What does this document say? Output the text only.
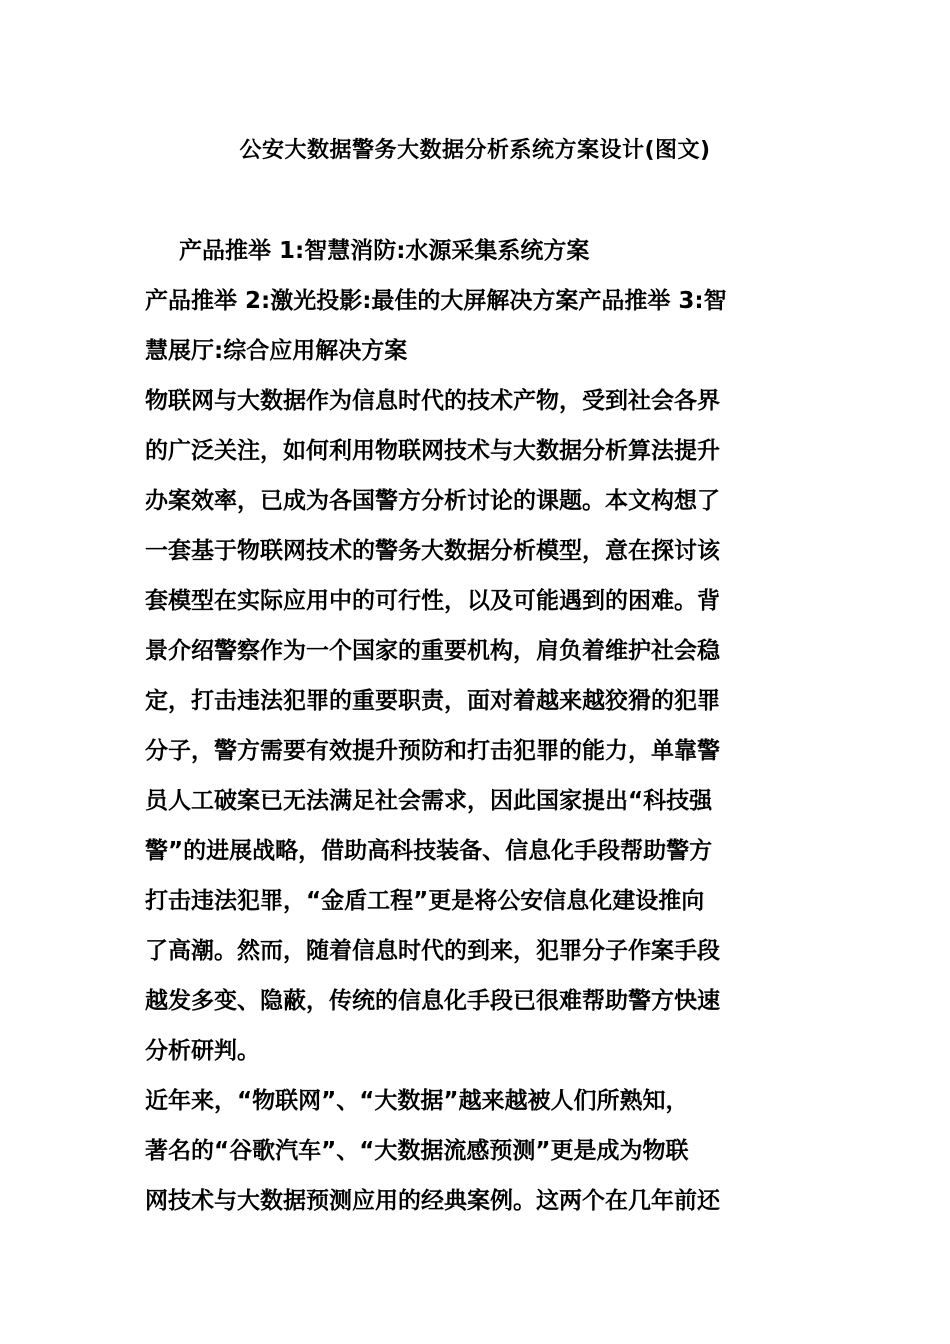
公安大数据警务大数据分析系统方案设计(图文)
产品推举 1:智慧消防:水源采集系统方案
产品推举 2:激光投影:最佳的大屏解决方案产品推举 3:智
慧展厅:综合应用解决方案
物联网与大数据作为信息时代的技术产物，受到社会各界
的广泛关注，如何利用物联网技术与大数据分析算法提升
办案效率，已成为各国警方分析讨论的课题。本文构想了
一套基于物联网技术的警务大数据分析模型，意在探讨该
套模型在实际应用中的可行性，以及可能遇到的困难。背
景介绍警察作为一个国家的重要机构，肩负着维护社会稳
定，打击违法犯罪的重要职责，面对着越来越狡猾的犯罪
分子，警方需要有效提升预防和打击犯罪的能力，单靠警
员人工破案已无法满足社会需求，因此国家提出“科技强
警”的进展战略，借助高科技装备、信息化手段帮助警方
打击违法犯罪，“金盾工程”更是将公安信息化建设推向
了高潮。然而，随着信息时代的到来，犯罪分子作案手段
越发多变、隐蔽，传统的信息化手段已很难帮助警方快速
分析研判。
近年来，“物联网”、“大数据”越来越被人们所熟知，
著名的“谷歌汽车”、“大数据流感预测”更是成为物联
网技术与大数据预测应用的经典案例。这两个在几年前还
